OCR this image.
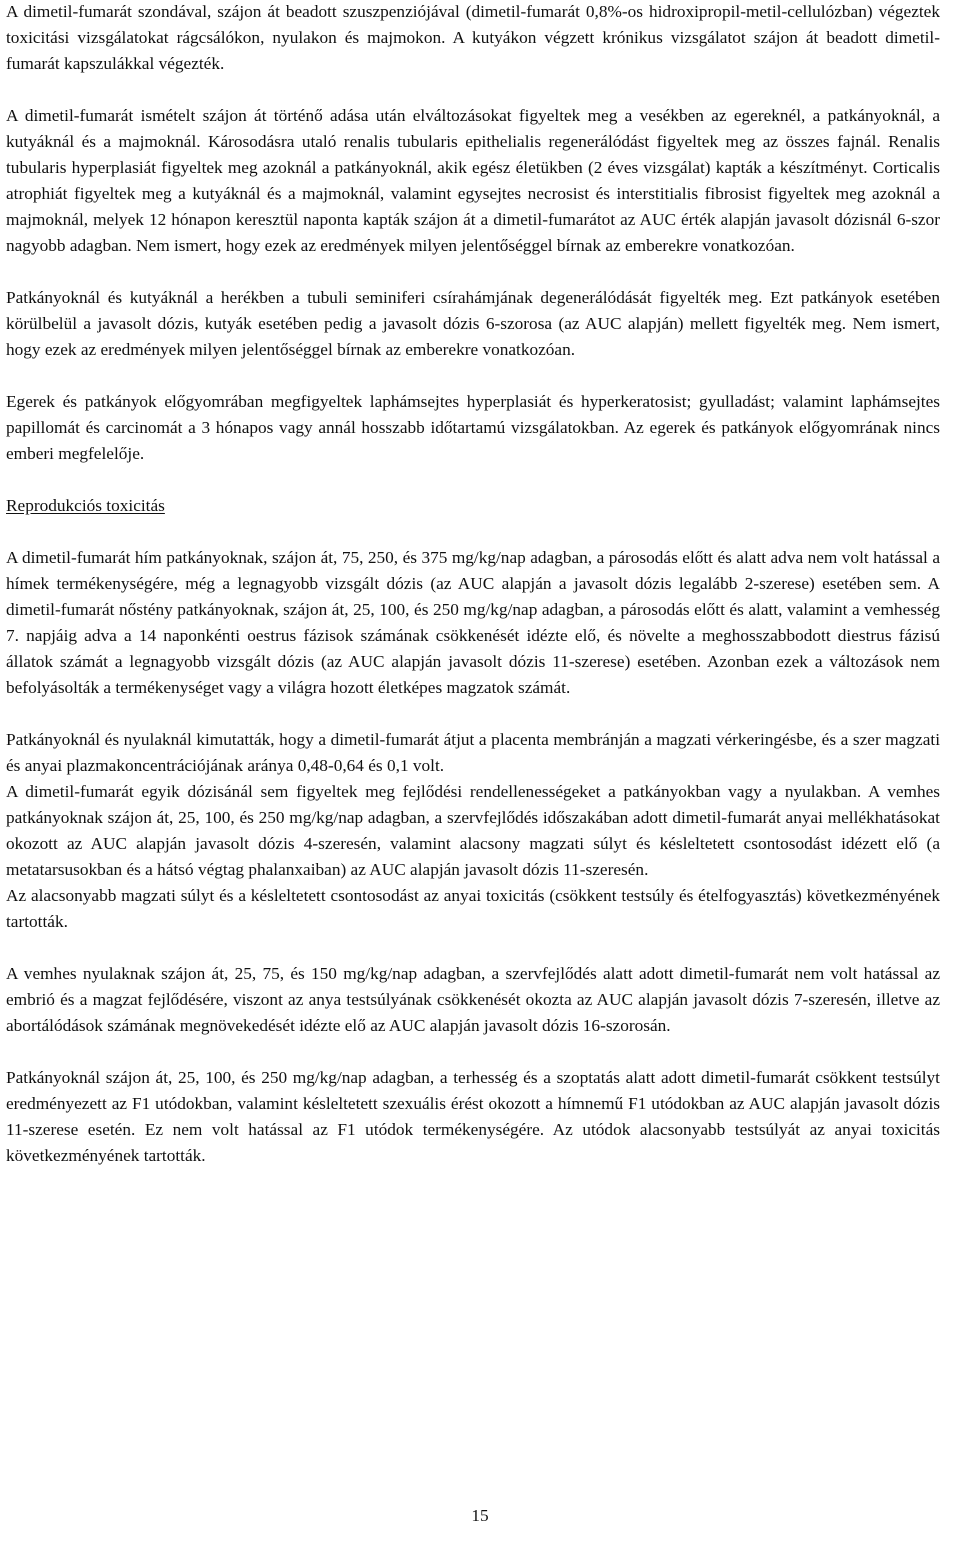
A dimetil-fumarát szondával, szájon át beadott szuszpenziójával (dimetil-fumarát 0,8%-os hidroxipropil-metil-cellulózban) végeztek toxicitási vizsgálatokat rágcsálókon, nyulakon és majmokon. A kutyákon végzett krónikus vizsgálatot szájon át beadott dimetil-fumarát kapszulákkal végezték.

A dimetil-fumarát ismételt szájon át történő adása után elváltozásokat figyeltek meg a vesékben az egereknél, a patkányoknál, a kutyáknál és a majmoknál. Károsodásra utaló renalis tubularis epithelialis regenerálódást figyeltek meg az összes fajnál. Renalis tubularis hyperplasiát figyeltek meg azoknál a patkányoknál, akik egész életükben (2 éves vizsgálat) kapták a készítményt. Corticalis atrophiát figyeltek meg a kutyáknál és a majmoknál, valamint egysejtes necrosist és interstitialis fibrosist figyeltek meg azoknál a majmoknál, melyek 12 hónapon keresztül naponta kapták szájon át a dimetil-fumarátot az AUC érték alapján javasolt dózisnál 6-szor nagyobb adagban. Nem ismert, hogy ezek az eredmények milyen jelentőséggel bírnak az emberekre vonatkozóan.

Patkányoknál és kutyáknál a herékben a tubuli seminiferi csírahámjának degenerálódását figyelték meg. Ezt patkányok esetében körülbelül a javasolt dózis, kutyák esetében pedig a javasolt dózis 6-szorosa (az AUC alapján) mellett figyelték meg. Nem ismert, hogy ezek az eredmények milyen jelentőséggel bírnak az emberekre vonatkozóan.

Egerek és patkányok előgyomrában megfigyeltek laphámsejtes hyperplasiát és hyperkeratosist; gyulladást; valamint laphámsejtes papillomát és carcinomát a 3 hónapos vagy annál hosszabb időtartamú vizsgálatokban. Az egerek és patkányok előgyomrának nincs emberi megfelelője.

Reprodukciós toxicitás

A dimetil-fumarát hím patkányoknak, szájon át, 75, 250, és 375 mg/kg/nap adagban, a párosodás előtt és alatt adva nem volt hatással a hímek termékenységére, még a legnagyobb vizsgált dózis (az AUC alapján a javasolt dózis legalább 2-szerese) esetében sem. A dimetil-fumarát nőstény patkányoknak, szájon át, 25, 100, és 250 mg/kg/nap adagban, a párosodás előtt és alatt, valamint a vemhesség 7. napjáig adva a 14 naponkénti oestrus fázisok számának csökkenését idézte elő, és növelte a meghosszabbodott diestrus fázisú állatok számát a legnagyobb vizsgált dózis (az AUC alapján javasolt dózis 11-szerese) esetében. Azonban ezek a változások nem befolyásolták a termékenységet vagy a világra hozott életképes magzatok számát.

Patkányoknál és nyulaknál kimutatták, hogy a dimetil-fumarát átjut a placenta membránján a magzati vérkeringésbe, és a szer magzati és anyai plazmakoncentrációjának aránya 0,48-0,64 és 0,1 volt.

A dimetil-fumarát egyik dózisánál sem figyeltek meg fejlődési rendellenességeket a patkányokban vagy a nyulakban. A vemhes patkányoknak szájon át, 25, 100, és 250 mg/kg/nap adagban, a szervfejlődés időszakában adott dimetil-fumarát anyai mellékhatásokat okozott az AUC alapján javasolt dózis 4-szeresén, valamint alacsony magzati súlyt és késleltetett csontosodást idézett elő (a metatarsusokban és a hátsó végtag phalanxaiban) az AUC alapján javasolt dózis 11-szeresén.

Az alacsonyabb magzati súlyt és a késleltetett csontosodást az anyai toxicitás (csökkent testsúly és ételfogyasztás) következményének tartották.

A vemhes nyulaknak szájon át, 25, 75, és 150 mg/kg/nap adagban, a szervfejlődés alatt adott dimetil-fumarát nem volt hatással az embrió és a magzat fejlődésére, viszont az anya testsúlyának csökkenését okozta az AUC alapján javasolt dózis 7-szeresén, illetve az abortálódások számának megnövekedését idézte elő az AUC alapján javasolt dózis 16-szorosán.

Patkányoknál szájon át, 25, 100, és 250 mg/kg/nap adagban, a terhesség és a szoptatás alatt adott dimetil-fumarát csökkent testsúlyt eredményezett az F1 utódokban, valamint késleltetett szexuális érést okozott a hímnemű F1 utódokban az AUC alapján javasolt dózis 11-szerese esetén. Ez nem volt hatással az F1 utódok termékenységére. Az utódok alacsonyabb testsúlyát az anyai toxicitás következményének tartották.

15
